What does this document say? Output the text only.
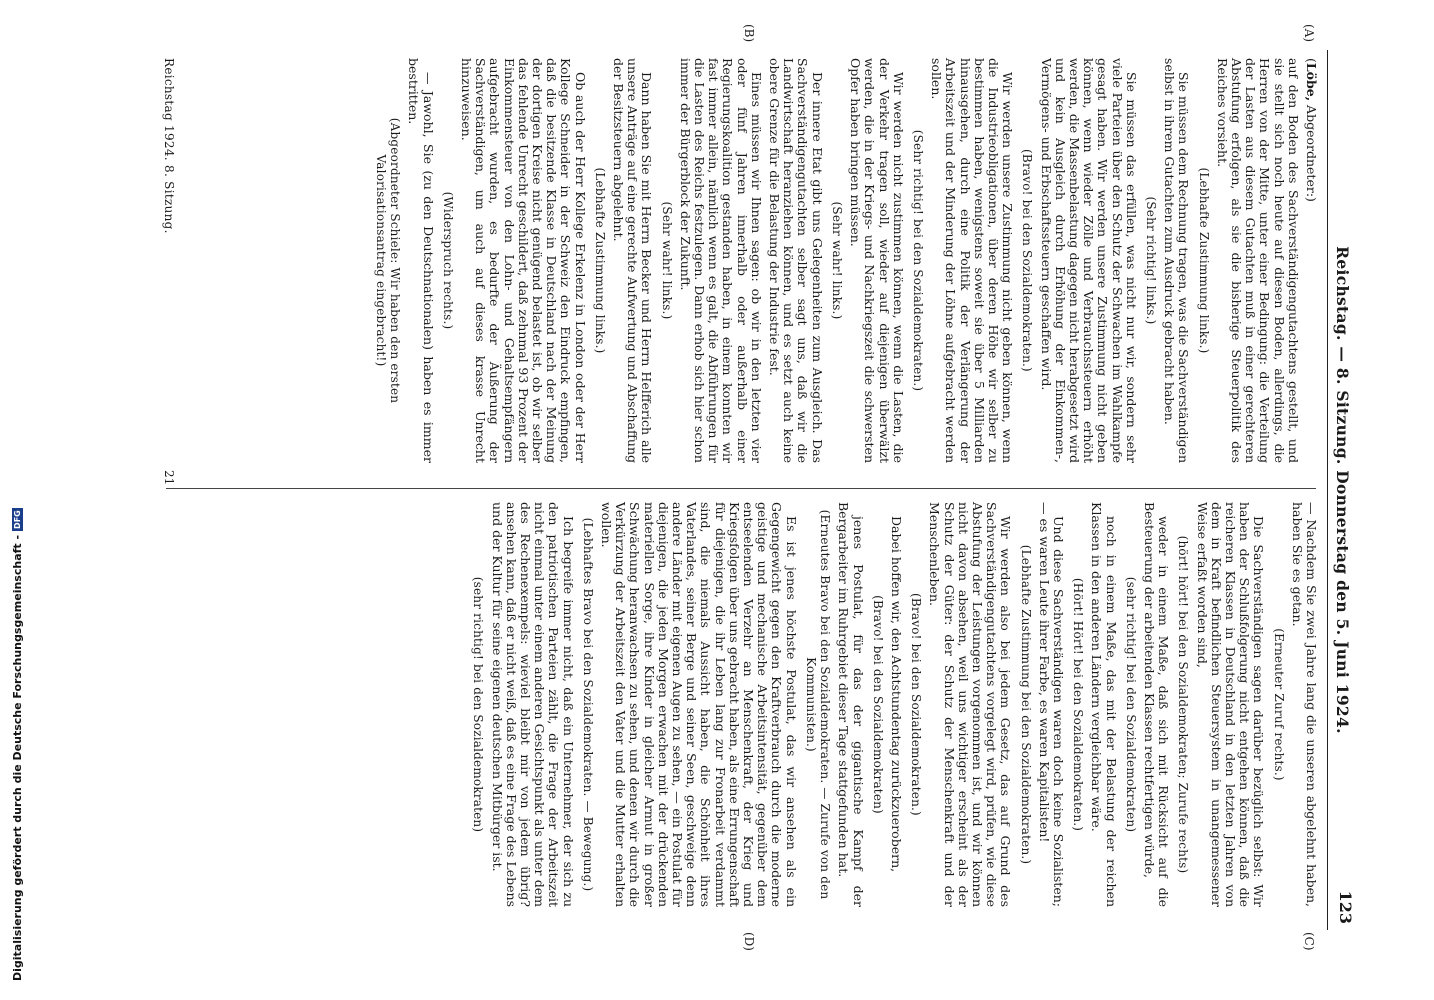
Digitalisierung gefördert durch die Deutsche Forschungsgemeinschaft -
DFG	Reichstag. — 8. Sitzung. Donnerstag den 5. Juni 1924.
123
(A)
(B)
(C)
(D)

(Löbe, Abgeordneter:)

auf den Boden des Sachverständigengutachtens gestellt, und sie stellt sich noch heute auf diesen Boden, allerdings, die Herren von der Mitte, unter einer Bedingung: die Verteilung der Lasten aus diesem Gutachten muß in einer gerechteren Abstufung erfolgen, als sie die bisherige Steuerpolitik des Reiches vorsieht.

(Lebhafte Zustimmung links.)

Sie müssen dem Rechnung tragen, was die Sachverständigen selbst in ihrem Gutachten zum Ausdruck gebracht haben.

(Sehr richtig! links.)

Sie müssen das erfüllen, was nicht nur wir, sondern sehr viele Parteien über den Schutz der Schwachen im Wahlkampfe gesagt haben. Wir werden unsere Zustimmung nicht geben können, wenn wieder Zölle und Verbrauchssteuern erhöht werden, die Massenbelastung dagegen nicht herabgesetzt wird und kein Ausgleich durch Erhöhung der Einkommen-, Vermögens- und Erbschaftssteuern geschaffen wird.

(Bravo! bei den Sozialdemokraten.)

Wir werden unsere Zustimmung nicht geben können, wenn die Industrieobligationen, über deren Höhe wir selber zu bestimmen haben, wenigstens soweit sie über 5 Milliarden hinausgehen, durch eine Politik der Verlängerung der Arbeitszeit und der Minderung der Löhne aufgebracht werden sollen.

(Sehr richtig! bei den Sozialdemokraten.)

Wir werden nicht zustimmen können, wenn die Lasten, die der Verkehr tragen soll, wieder auf diejenigen überwälzt werden, die in der Kriegs- und Nachkriegszeit die schwersten Opfer haben bringen müssen.

(Sehr wahr! links.)

Der innere Etat gibt uns Gelegenheiten zum Ausgleich. Das Sachverständigengutachten selber sagt uns, daß wir die Landwirtschaft heranziehen können, und es setzt auch keine obere Grenze für die Belastung der Industrie fest.

Eines müssen wir Ihnen sagen: ob wir in den letzten vier oder fünf Jahren innerhalb oder außerhalb einer Regierungskoalition gestanden haben, in einem konnten wir fast immer allein, nämlich wenn es galt, die Abführungen für die Lasten des Reichs festzulegen. Dann erhob sich hier schon immer der Bürgerblock der Zukunft.

(Sehr wahr! links.)

Dann haben Sie mit Herrn Becker und Herrn Helfferich alle unsere Anträge auf eine gerechte Aufwertung und Abschaffung der Besitzsteuern abgelehnt.

(Lebhafte Zustimmung links.)

Ob auch der Herr Kollege Erkelenz in London oder der Herr Kollege Schneider in der Schweiz den Eindruck empfingen, daß die besitzende Klasse in Deutschland nach der Meinung der dortigen Kreise nicht genügend belastet ist, ob wir selber das fehlende Unrecht geschildert, daß zehnmal 93 Prozent der Einkommensteuer von den Lohn- und Gehaltsempfängern aufgebracht wurden, es bedurfte der Äußerung der Sachverständigen, um auch auf dieses krasse Unrecht hinzuweisen.

(Widerspruch rechts.)

— Jawohl, Sie (zu den Deutschnationalen) haben es immer bestritten.

(Abgeordneter Schiele: Wir haben den ersten Valorisationsantrag eingebracht!)

— Nachdem Sie zwei Jahre lang die unseren abgelehnt haben, haben Sie es getan.

(Erneuter Zuruf rechts.)

Die Sachverständigen sagen darüber bezüglich selbst: Wir haben der Schlußfolgerung nicht entgehen können, daß die reicheren Klassen in Deutschland in den letzten Jahren von dem in Kraft befindlichen Steuersystem in unangemessener Weise erfaßt worden sind,

(hört! hört! bei den Sozialdemokraten; Zurufe rechts)

weder in einem Maße, daß sich mit Rücksicht auf die Besteuerung der arbeitenden Klassen rechtfertigen würde,

(sehr richtig! bei den Sozialdemokraten)

noch in einem Maße, das mit der Belastung der reichen Klassen in den anderen Ländern vergleichbar wäre.

(Hört! Hört! bei den Sozialdemokraten.)

Und diese Sachverständigen waren doch keine Sozialisten; — es waren Leute ihrer Farbe, es waren Kapitalisten!

(Lebhafte Zustimmung bei den Sozialdemokraten.)

Wir werden also bei jedem Gesetz, das auf Grund des Sachverständigengutachtens vorgelegt wird, prüfen, wie diese Abstufung der Leistungen vorgenommen ist, und wir können nicht davon absehen, weil uns wichtiger erscheint als der Schutz der Güter: der Schutz der Menschenkraft und der Menschenleben.

(Bravo! bei den Sozialdemokraten.)

Dabei hoffen wir, den Achtstundentag zurückzuerobern,

(Bravo! bei den Sozialdemokraten)

jenes Postulat, für das der gigantische Kampf der Bergarbeiter im Ruhrgebiet dieser Tage stattgefunden hat.

(Erneutes Bravo bei den Sozialdemokraten. — Zurufe von den Kommunisten.)

Es ist jenes höchste Postulat, das wir ansehen als ein Gegengewicht gegen den Kraftverbrauch durch die moderne geistige und mechanische Arbeitsintensität, gegenüber dem entseelenden Verzehr an Menschenkraft, der Krieg und Kriegsfolgen über uns gebracht haben, als eine Errungenschaft für diejenigen, die ihr Leben lang zur Fronarbeit verdammt sind, die niemals Aussicht haben, die Schönheit ihres Vaterlandes, seiner Berge und seiner Seen, geschweige denn andere Länder mit eigenen Augen zu sehen, — ein Postulat für diejenigen, die jeden Morgen erwachen mit der drückenden materiellen Sorge, ihre Kinder in gleicher Armut in großer Schwächung heranwachsen zu sehen, und denen wir durch die Verkürzung der Arbeitszeit den Vater und die Mutter erhalten wollen.

(Lebhaftes Bravo bei den Sozialdemokraten. — Bewegung.)

Ich begreife immer nicht, daß ein Unternehmer, der sich zu den patriotischen Parteien zählt, die Frage der Arbeitszeit nicht einmal unter einem anderen Gesichtspunkt als unter dem des Rechenexempels: wieviel bleibt mir von jedem übrig? ansehen kann, daß er nicht weiß, daß es eine Frage des Lebens und der Kultur für seine eigenen deutschen Mitbürger ist.

(sehr richtig! bei den Sozialdemokraten)
Reichstag 1924. 8. Sitzung.
21
